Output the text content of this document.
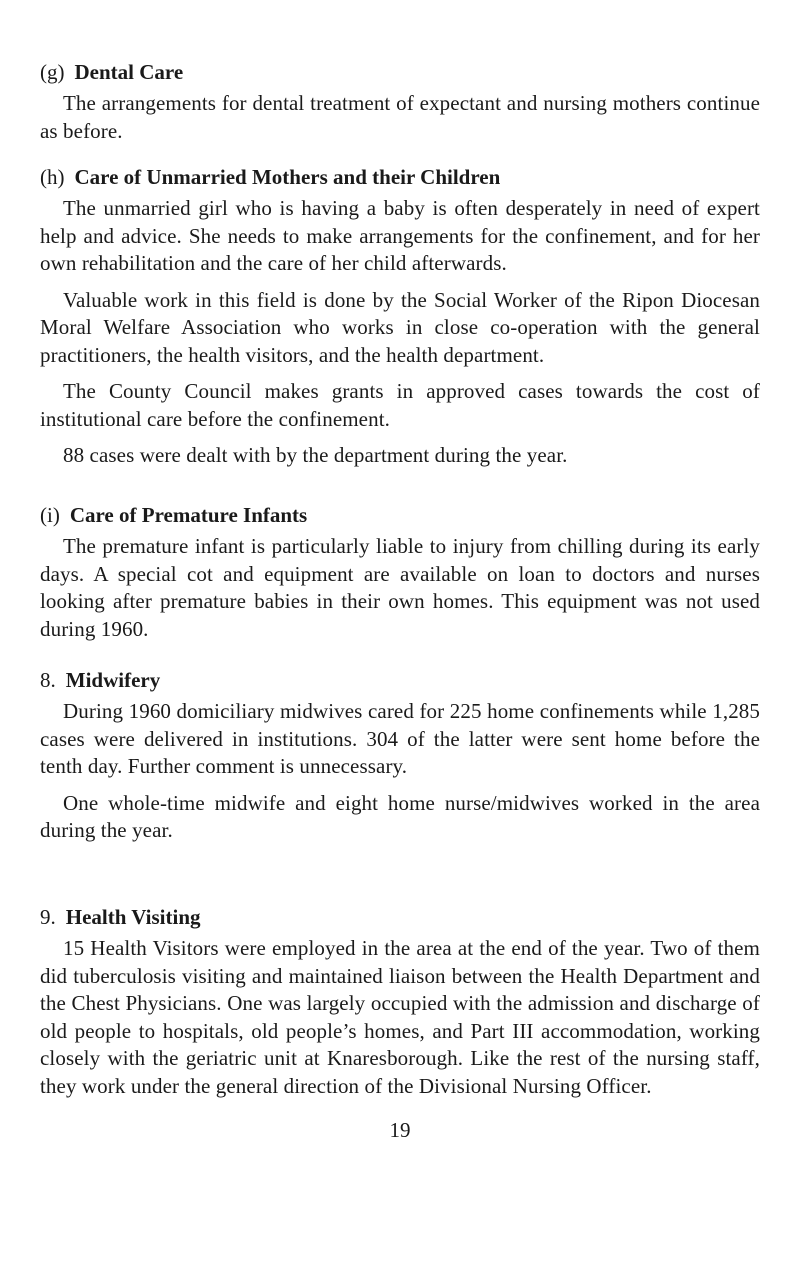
(g) Dental Care

The arrangements for dental treatment of expectant and nursing mothers continue as before.

(h) Care of Unmarried Mothers and their Children

The unmarried girl who is having a baby is often desperately in need of expert help and advice. She needs to make arrangements for the confinement, and for her own rehabilitation and the care of her child afterwards.

Valuable work in this field is done by the Social Worker of the Ripon Diocesan Moral Welfare Association who works in close co-operation with the general practitioners, the health visitors, and the health department.

The County Council makes grants in approved cases towards the cost of institutional care before the confinement.

88 cases were dealt with by the department during the year.

(i) Care of Premature Infants

The premature infant is particularly liable to injury from chilling during its early days. A special cot and equipment are available on loan to doctors and nurses looking after premature babies in their own homes. This equipment was not used during 1960.

8. Midwifery

During 1960 domiciliary midwives cared for 225 home confinements while 1,285 cases were delivered in institutions. 304 of the latter were sent home before the tenth day. Further comment is unnecessary.

One whole-time midwife and eight home nurse/midwives worked in the area during the year.

9. Health Visiting

15 Health Visitors were employed in the area at the end of the year. Two of them did tuberculosis visiting and maintained liaison between the Health Department and the Chest Physicians. One was largely occupied with the admission and discharge of old people to hospitals, old people’s homes, and Part III accommodation, working closely with the geriatric unit at Knaresborough. Like the rest of the nursing staff, they work under the general direction of the Divisional Nursing Officer.

19
